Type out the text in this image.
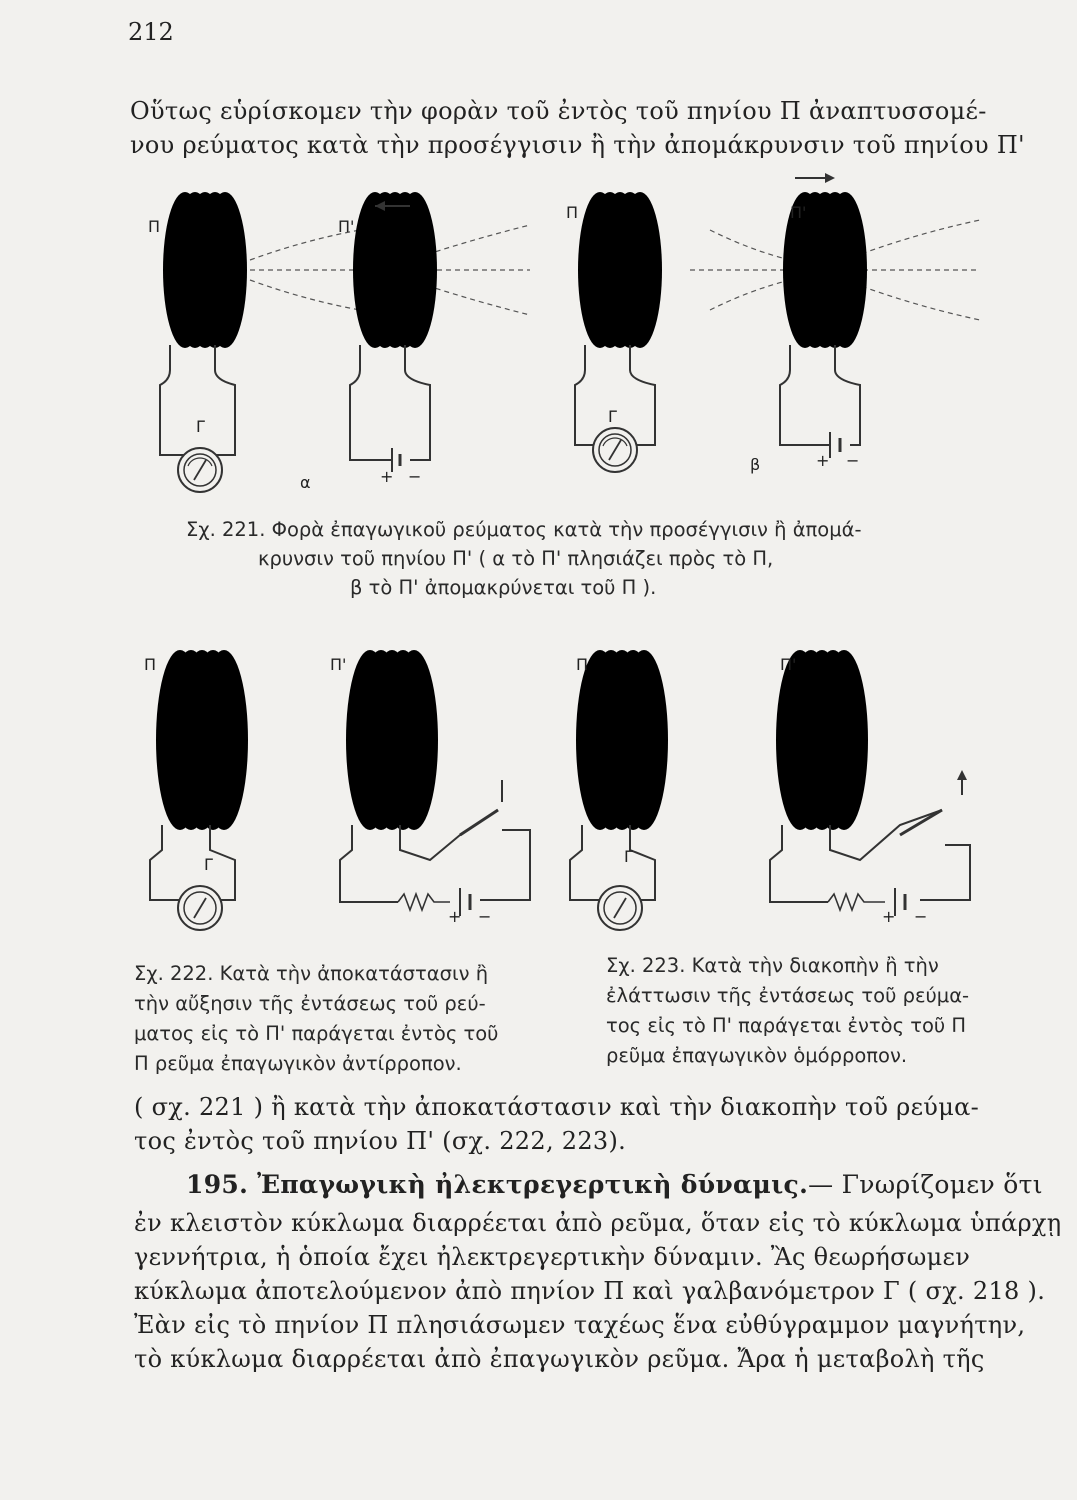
212
Οὕτως εὑρίσκομεν τὴν φορὰν τοῦ ἐντὸς τοῦ πηνίου Π ἀναπτυσσομέ-
νου ρεύματος κατὰ τὴν προσέγγισιν ἢ τὴν ἀπομάκρυνσιν τοῦ πηνίου Π'
Π
Γ
Π'
+ −
α
Π
Γ
Π'
+ −
β
Σχ. 221. Φορὰ ἐπαγωγικοῦ ρεύματος κατὰ τὴν προσέγγισιν ἢ ἀπομά-
κρυνσιν τοῦ πηνίου Π' ( α τὸ Π' πλησιάζει πρὸς τὸ Π,
β τὸ Π' ἀπομακρύνεται τοῦ Π ).
Π
Γ
Π'
+ −
Π
Γ
Π'
+ −
Σχ. 222. Κατὰ τὴν ἀποκατάστασιν ἢ
τὴν αὔξησιν τῆς ἐντάσεως τοῦ ρεύ-
ματος εἰς τὸ Π' παράγεται ἐντὸς τοῦ
Π ρεῦμα ἐπαγωγικὸν ἀντίρροπον.
Σχ. 223. Κατὰ τὴν διακοπὴν ἢ τὴν
ἐλάττωσιν τῆς ἐντάσεως τοῦ ρεύμα-
τος εἰς τὸ Π' παράγεται ἐντὸς τοῦ Π
ρεῦμα ἐπαγωγικὸν ὁμόρροπον.
( σχ. 221 ) ἢ κατὰ τὴν ἀποκατάστασιν καὶ τὴν διακοπὴν τοῦ ρεύμα-
τος ἐντὸς τοῦ πηνίου Π' (σχ. 222, 223).
195. Ἐπαγωγικὴ ἠλεκτρεγερτικὴ δύναμις.— Γνωρίζομεν ὅτι
ἐν κλειστὸν κύκλωμα διαρρέεται ἀπὸ ρεῦμα, ὅταν εἰς τὸ κύκλωμα ὑπάρχῃ
γεννήτρια, ἡ ὁποία ἔχει ἠλεκτρεγερτικὴν δύναμιν. Ἂς θεωρήσωμεν
κύκλωμα ἀποτελούμενον ἀπὸ πηνίον Π καὶ γαλβανόμετρον Γ ( σχ. 218 ).
Ἐὰν εἰς τὸ πηνίον Π πλησιάσωμεν ταχέως ἕνα εὐθύγραμμον μαγνήτην,
τὸ κύκλωμα διαρρέεται ἀπὸ ἐπαγωγικὸν ρεῦμα. Ἄρα ἡ μεταβολὴ τῆς
